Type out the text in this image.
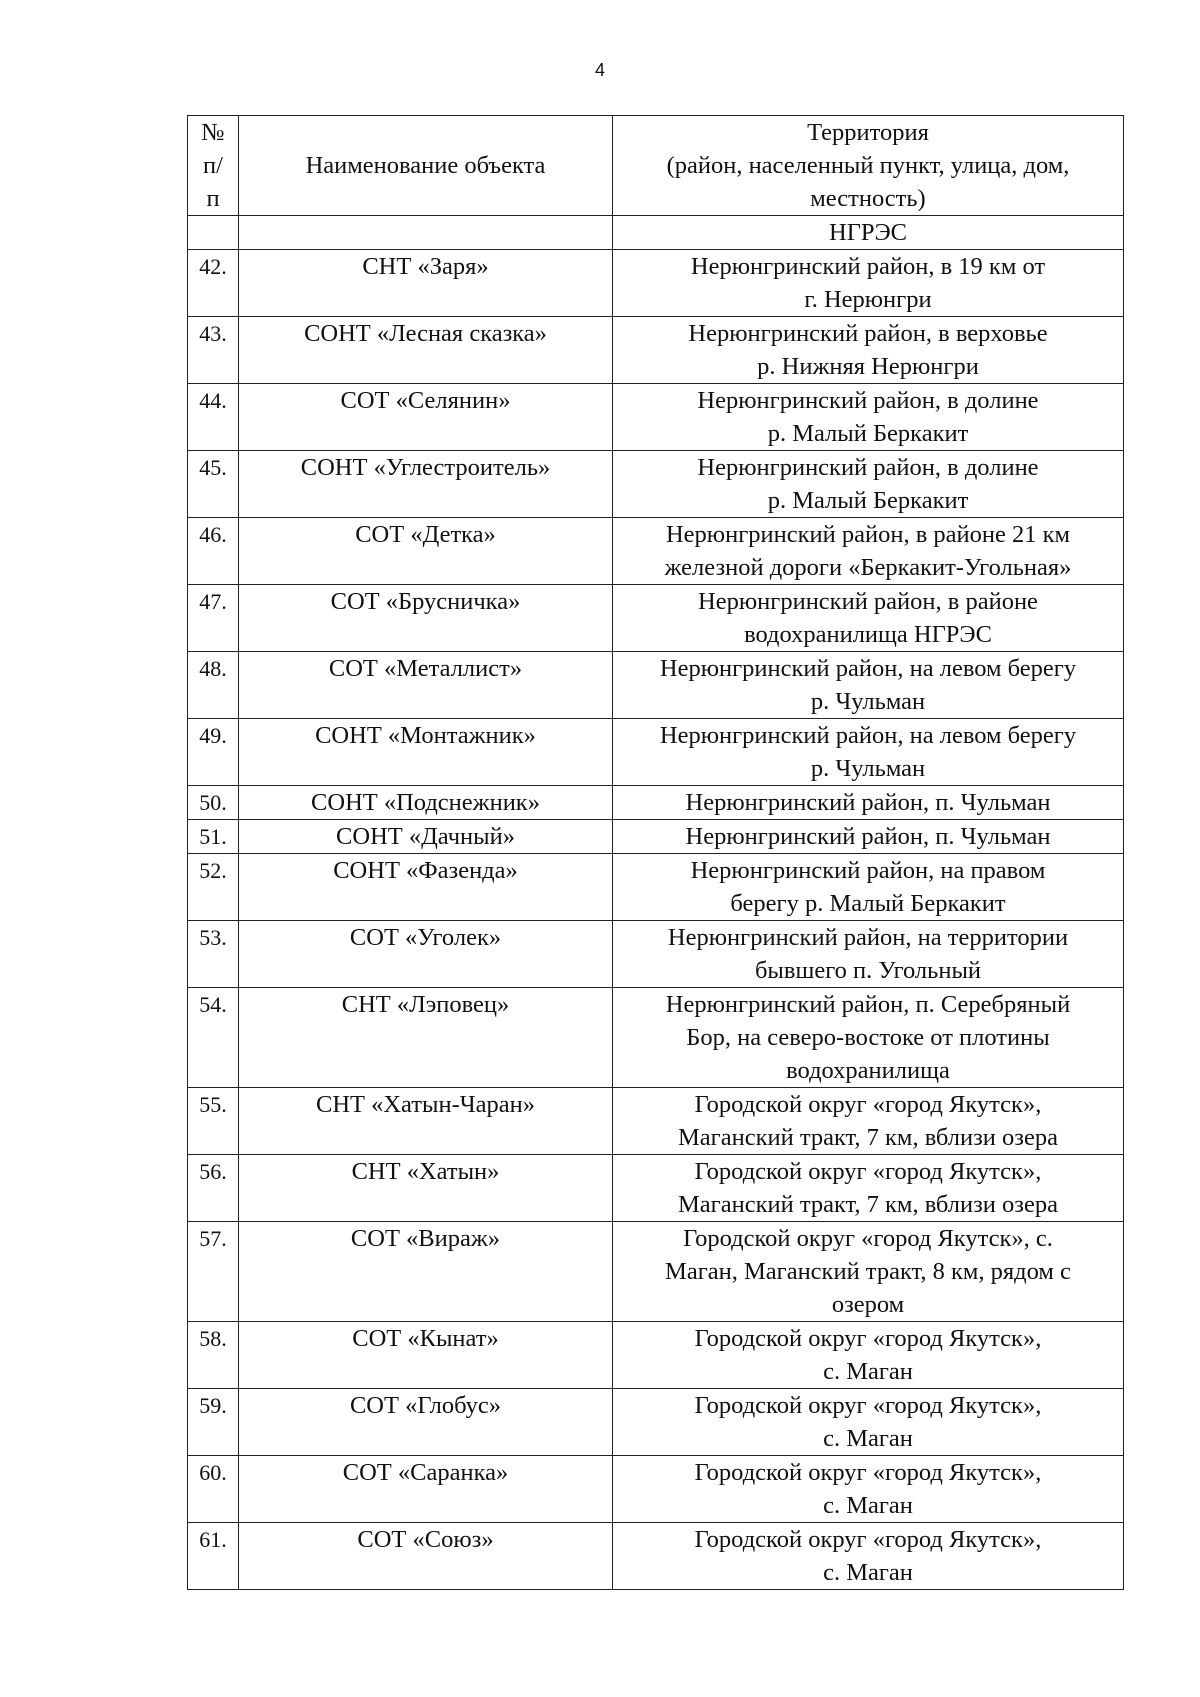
4
№
п/
п	Наименование объекта	Территория
(район, населенный пункт, улица, дом,
местность)

		НГРЭС
42.	СНТ «Заря»	Нерюнгринский район, в 19 км от
г. Нерюнгри
43.	СОНТ «Лесная сказка»	Нерюнгринский район, в верховье
р. Нижняя Нерюнгри
44.	СОТ «Селянин»	Нерюнгринский район, в долине
р. Малый Беркакит
45.	СОНТ «Углестроитель»	Нерюнгринский район, в долине
р. Малый Беркакит
46.	СОТ «Детка»	Нерюнгринский район, в районе 21 км
железной дороги «Беркакит-Угольная»
47.	СОТ «Брусничка»	Нерюнгринский район, в районе
водохранилища НГРЭС
48.	СОТ «Металлист»	Нерюнгринский район, на левом берегу
р. Чульман
49.	СОНТ «Монтажник»	Нерюнгринский район, на левом берегу
р. Чульман
50.	СОНТ «Подснежник»	Нерюнгринский район, п. Чульман
51.	СОНТ «Дачный»	Нерюнгринский район, п. Чульман
52.	СОНТ «Фазенда»	Нерюнгринский район, на правом
берегу р. Малый Беркакит
53.	СОТ «Уголек»	Нерюнгринский район, на территории
бывшего п. Угольный
54.	СНТ «Лэповец»	Нерюнгринский район, п. Серебряный
Бор, на северо-востоке от плотины
водохранилища
55.	СНТ «Хатын-Чаран»	Городской округ «город Якутск»,
Маганский тракт, 7 км, вблизи озера
56.	СНТ «Хатын»	Городской округ «город Якутск»,
Маганский тракт, 7 км, вблизи озера
57.	СОТ «Вираж»	Городской округ «город Якутск», с.
Маган, Маганский тракт, 8 км, рядом с
озером
58.	СОТ «Кынат»	Городской округ «город Якутск»,
с. Маган
59.	СОТ «Глобус»	Городской округ «город Якутск»,
с. Маган
60.	СОТ «Саранка»	Городской округ «город Якутск»,
с. Маган
61.	СОТ «Союз»	Городской округ «город Якутск»,
с. Маган
